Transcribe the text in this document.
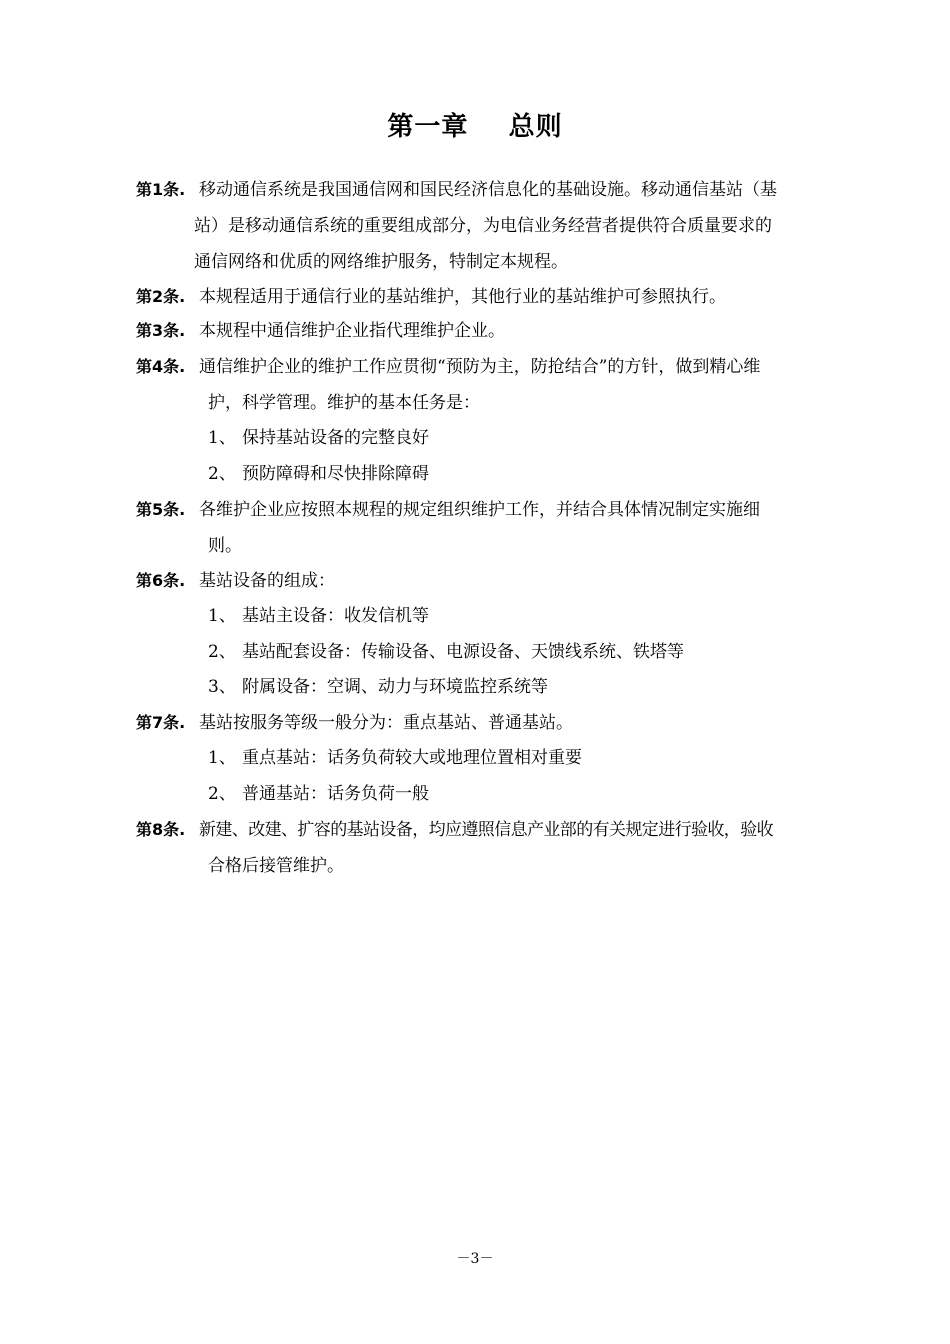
第一章    总则
第1条. 移动通信系统是我国通信网和国民经济信息化的基础设施。移动通信基站（基
站）是移动通信系统的重要组成部分，为电信业务经营者提供符合质量要求的
通信网络和优质的网络维护服务，特制定本规程。
第2条. 本规程适用于通信行业的基站维护，其他行业的基站维护可参照执行。
第3条. 本规程中通信维护企业指代理维护企业。
第4条. 通信维护企业的维护工作应贯彻“预防为主，防抢结合”的方针，做到精心维
护，科学管理。维护的基本任务是：
1、 保持基站设备的完整良好
2、 预防障碍和尽快排除障碍
第5条. 各维护企业应按照本规程的规定组织维护工作，并结合具体情况制定实施细
则。
第6条. 基站设备的组成：
1、 基站主设备：收发信机等
2、 基站配套设备：传输设备、电源设备、天馈线系统、铁塔等
3、 附属设备：空调、动力与环境监控系统等
第7条. 基站按服务等级一般分为：重点基站、普通基站。
1、 重点基站：话务负荷较大或地理位置相对重要
2、 普通基站：话务负荷一般
第8条. 新建、改建、扩容的基站设备，均应遵照信息产业部的有关规定进行验收，验收
合格后接管维护。
－3－
